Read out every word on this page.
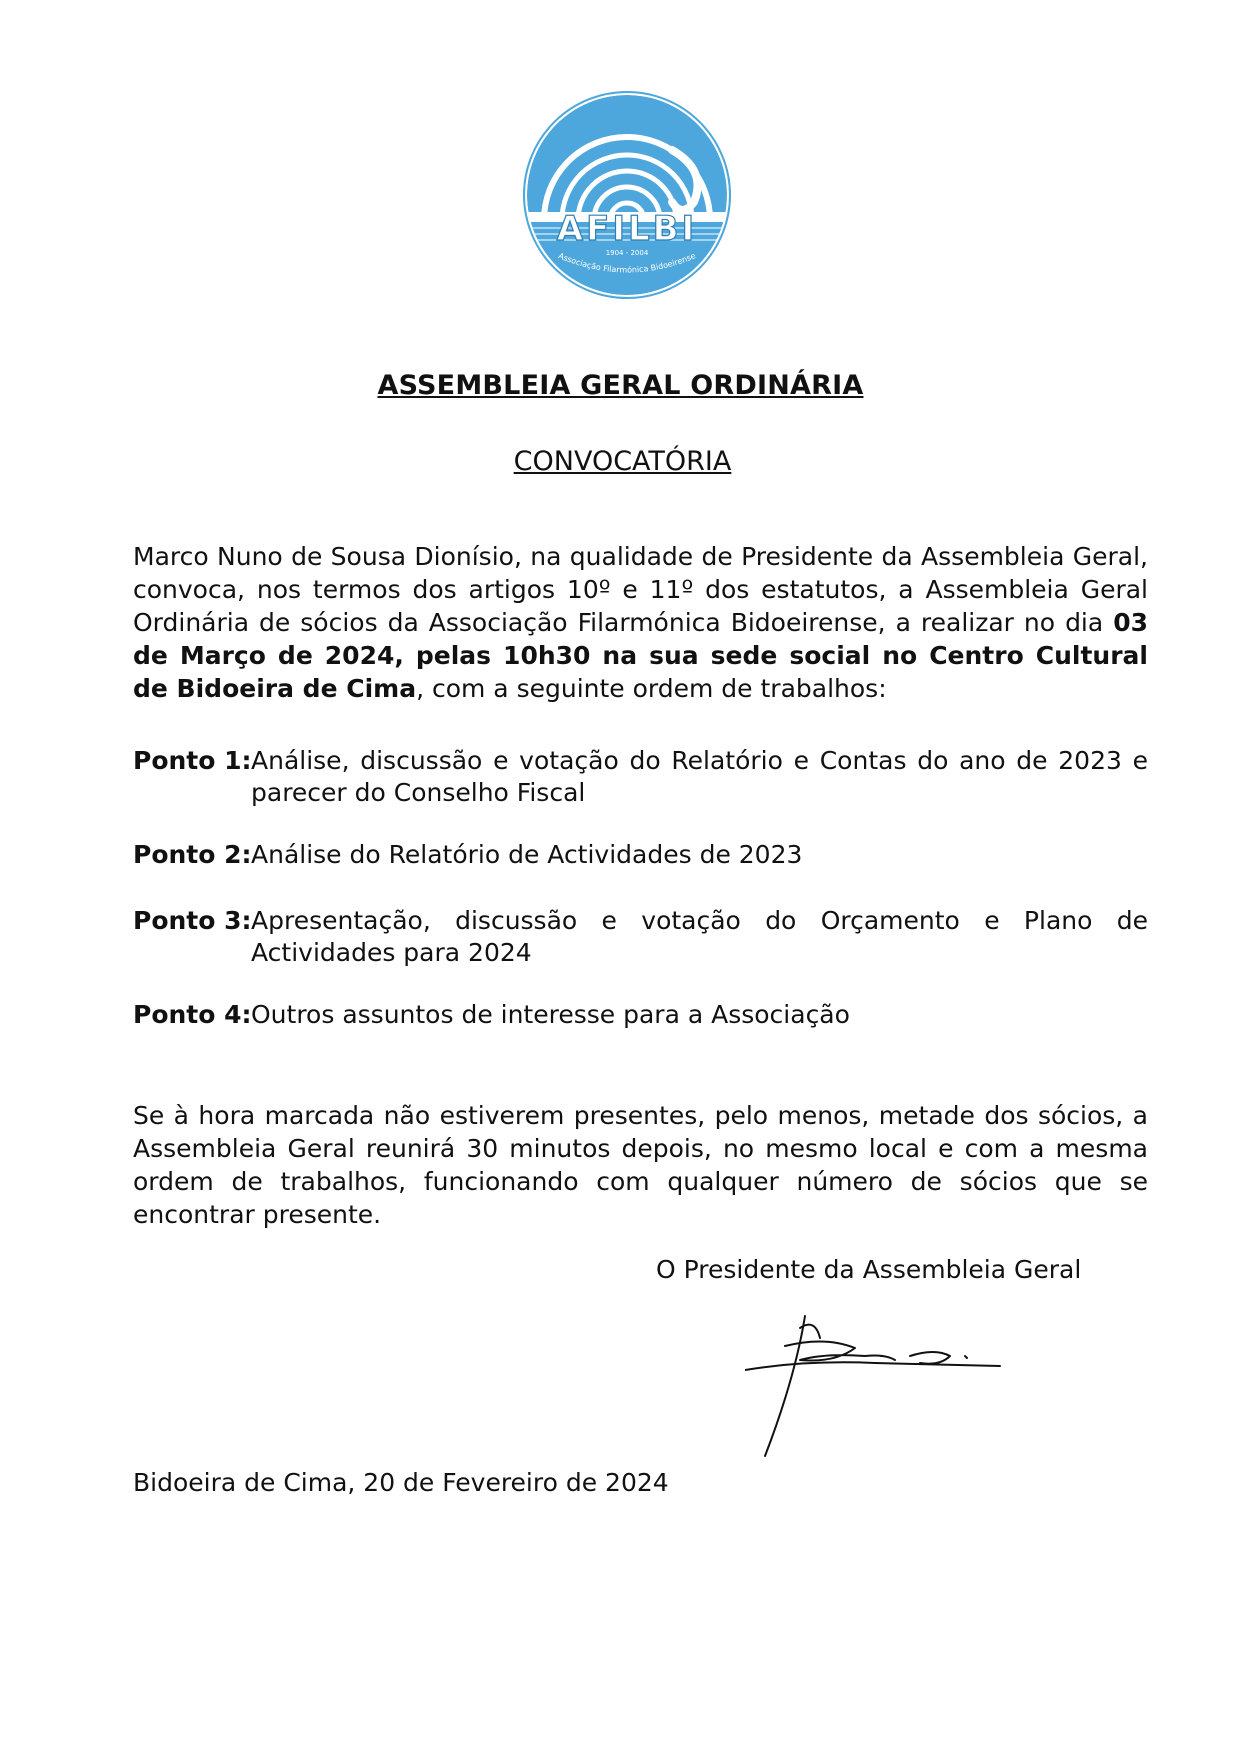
AFILBI
1904 - 2004
Associação Filarmónica Bidoeirense
ASSEMBLEIA GERAL ORDINÁRIA
CONVOCATÓRIA
Marco Nuno de Sousa Dionísio, na qualidade de Presidente da Assembleia Geral, convoca, nos termos dos artigos 10º e 11º dos estatutos, a Assembleia Geral Ordinária de sócios da Associação Filarmónica Bidoeirense, a realizar no dia 03 de Março de 2024, pelas 10h30 na sua sede social no Centro Cultural de Bidoeira de Cima, com a seguinte ordem de trabalhos:
Ponto 1: Análise, discussão e votação do Relatório e Contas do ano de 2023 e parecer do Conselho Fiscal
Ponto 2: Análise do Relatório de Actividades de 2023
Ponto 3: Apresentação, discussão e votação do Orçamento e Plano de Actividades para 2024
Ponto 4: Outros assuntos de interesse para a Associação
Se à hora marcada não estiverem presentes, pelo menos, metade dos sócios, a Assembleia Geral reunirá 30 minutos depois, no mesmo local e com a mesma ordem de trabalhos, funcionando com qualquer número de sócios que se encontrar presente.
O Presidente da Assembleia Geral
Bidoeira de Cima, 20 de Fevereiro de 2024
